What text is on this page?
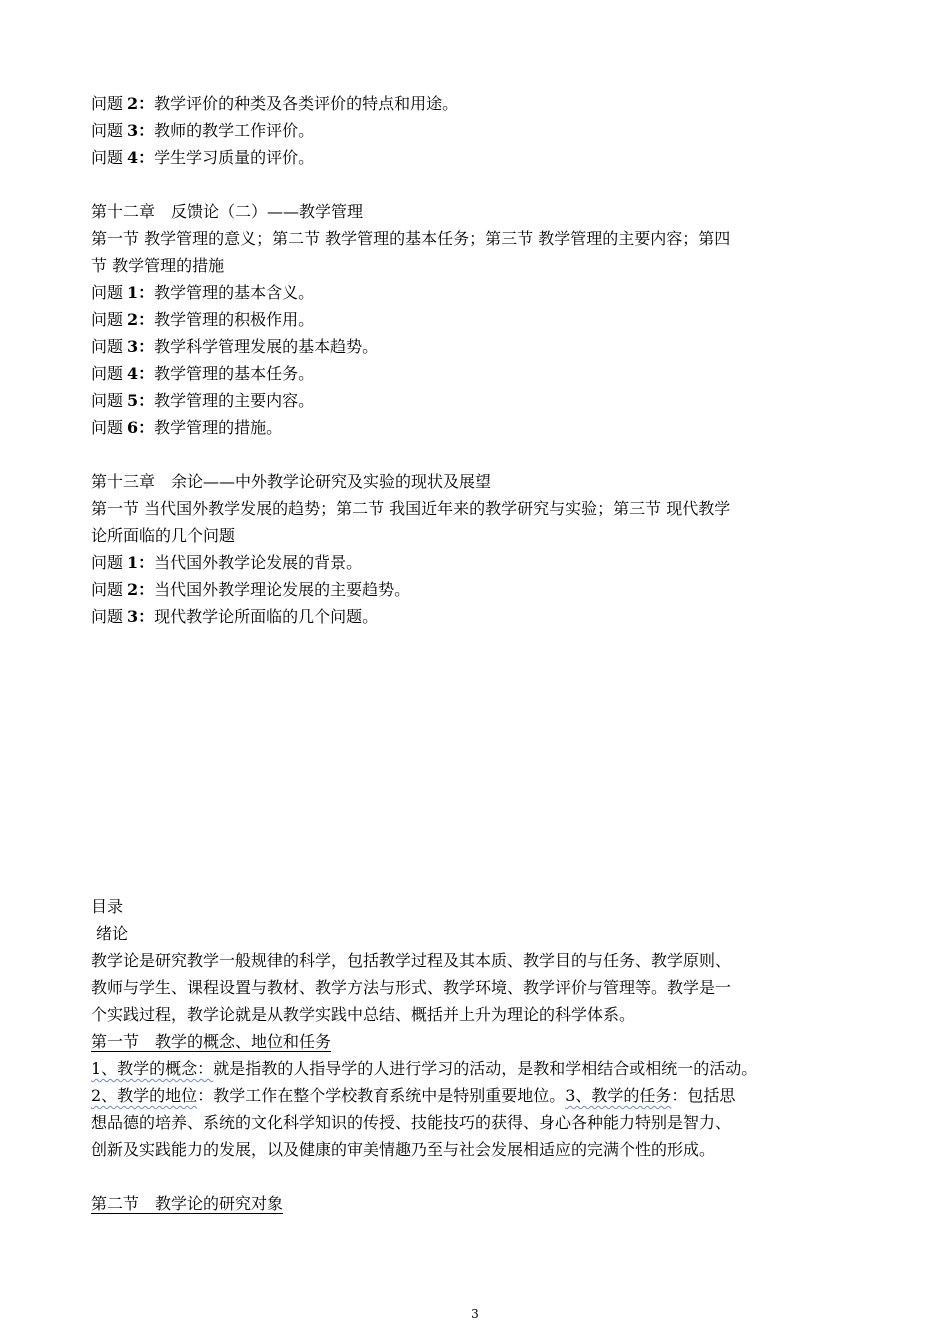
问题 2：教学评价的种类及各类评价的特点和用途。
问题 3：教师的教学工作评价。
问题 4：学生学习质量的评价。
第十二章　反馈论（二）——教学管理
第一节 教学管理的意义；第二节 教学管理的基本任务；第三节 教学管理的主要内容；第四
节 教学管理的措施
问题 1：教学管理的基本含义。
问题 2：教学管理的积极作用。
问题 3：教学科学管理发展的基本趋势。
问题 4：教学管理的基本任务。
问题 5：教学管理的主要内容。
问题 6：教学管理的措施。
第十三章　余论——中外教学论研究及实验的现状及展望
第一节 当代国外教学发展的趋势；第二节 我国近年来的教学研究与实验；第三节 现代教学
论所面临的几个问题
问题 1：当代国外教学论发展的背景。
问题 2：当代国外教学理论发展的主要趋势。
问题 3：现代教学论所面临的几个问题。
目录
绪论
教学论是研究教学一般规律的科学，包括教学过程及其本质、教学目的与任务、教学原则、
教师与学生、课程设置与教材、教学方法与形式、教学环境、教学评价与管理等。教学是一
个实践过程，教学论就是从教学实践中总结、概括并上升为理论的科学体系。
第一节　教学的概念、地位和任务
1、教学的概念：就是指教的人指导学的人进行学习的活动，是教和学相结合或相统一的活动。
2、教学的地位：教学工作在整个学校教育系统中是特别重要地位。3、教学的任务：包括思
想品德的培养、系统的文化科学知识的传授、技能技巧的获得、身心各种能力特别是智力、
创新及实践能力的发展，以及健康的审美情趣乃至与社会发展相适应的完满个性的形成。
第二节　教学论的研究对象
3
